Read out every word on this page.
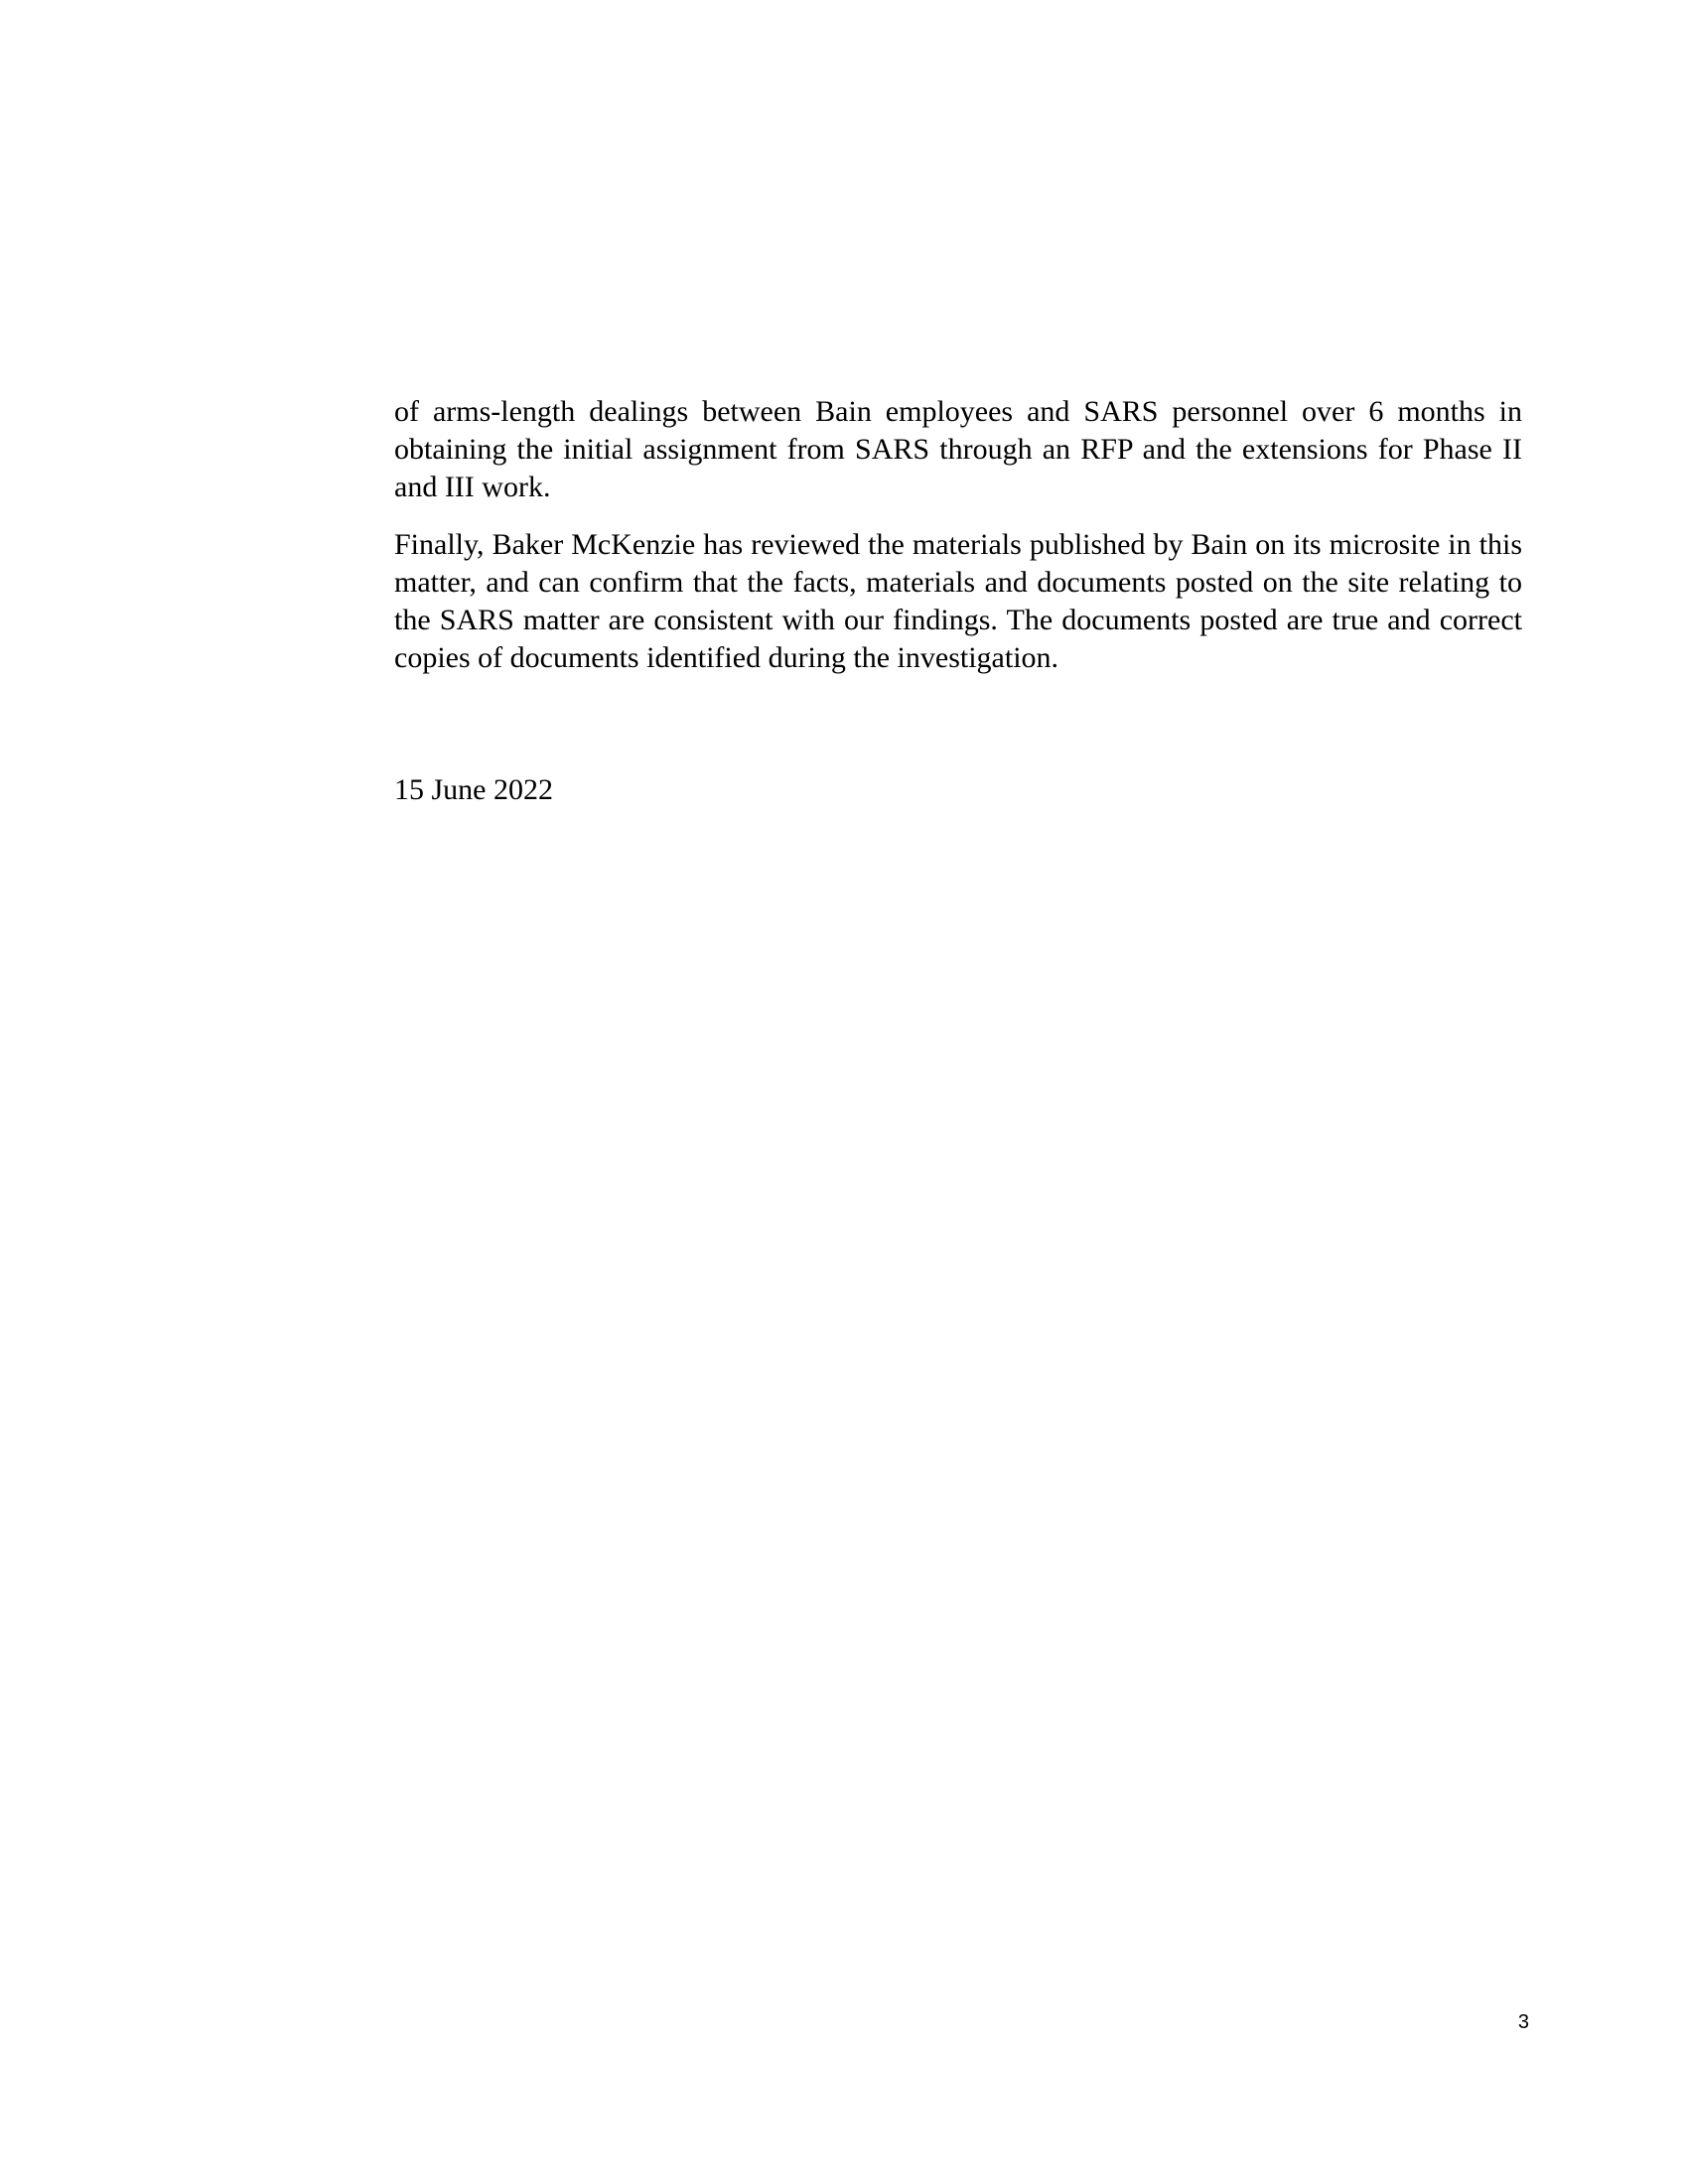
of arms-length dealings between Bain employees and SARS personnel over 6 months in obtaining the initial assignment from SARS through an RFP and the extensions for Phase II and III work.

Finally, Baker McKenzie has reviewed the materials published by Bain on its microsite in this matter, and can confirm that the facts, materials and documents posted on the site relating to the SARS matter are consistent with our findings. The documents posted are true and correct copies of documents identified during the investigation.

15 June 2022

3
